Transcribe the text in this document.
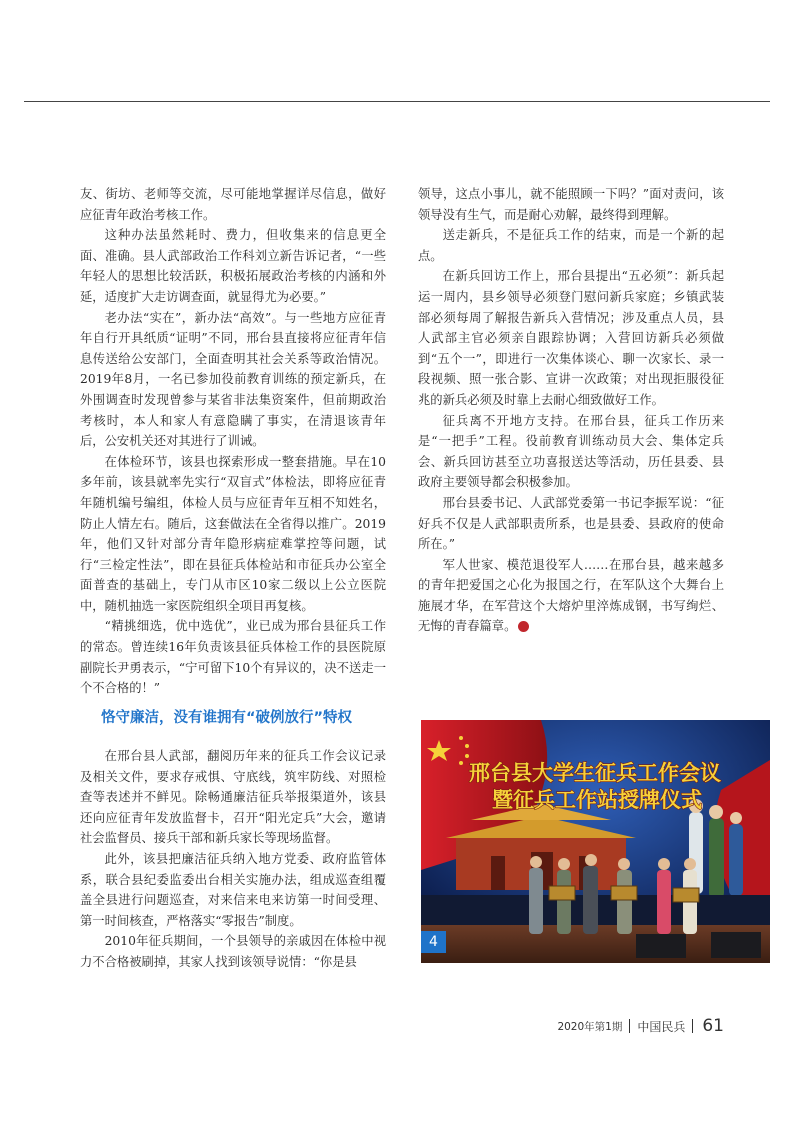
友、街坊、老师等交流，尽可能地掌握详尽信息，做好应征青年政治考核工作。

这种办法虽然耗时、费力，但收集来的信息更全面、准确。县人武部政治工作科刘立新告诉记者，“一些年轻人的思想比较活跃，积极拓展政治考核的内涵和外延，适度扩大走访调查面，就显得尤为必要。”

老办法“实在”，新办法“高效”。与一些地方应征青年自行开具纸质“证明”不同，邢台县直接将应征青年信息传送给公安部门，全面查明其社会关系等政治情况。2019年8月，一名已参加役前教育训练的预定新兵，在外围调查时发现曾参与某省非法集资案件，但前期政治考核时，本人和家人有意隐瞒了事实，在清退该青年后，公安机关还对其进行了训诫。

在体检环节，该县也探索形成一整套措施。早在10多年前，该县就率先实行“双盲式”体检法，即将应征青年随机编号编组，体检人员与应征青年互相不知姓名，防止人情左右。随后，这套做法在全省得以推广。2019年，他们又针对部分青年隐形病症难掌控等问题，试行“三检定性法”，即在县征兵体检站和市征兵办公室全面普查的基础上，专门从市区10家二级以上公立医院中，随机抽选一家医院组织全项目再复核。

“精挑细选，优中选优”，业已成为邢台县征兵工作的常态。曾连续16年负责该县征兵体检工作的县医院原副院长尹勇表示，“宁可留下10个有异议的，决不送走一个不合格的！”

恪守廉洁，没有谁拥有“破例放行”特权

在邢台县人武部，翻阅历年来的征兵工作会议记录及相关文件，要求存戒惧、守底线，筑牢防线、对照检查等表述并不鲜见。除畅通廉洁征兵举报渠道外，该县还向应征青年发放监督卡，召开“阳光定兵”大会，邀请社会监督员、接兵干部和新兵家长等现场监督。

此外，该县把廉洁征兵纳入地方党委、政府监管体系，联合县纪委监委出台相关实施办法，组成巡查组覆盖全县进行问题巡查，对来信来电来访第一时间受理、第一时间核查，严格落实“零报告”制度。

2010年征兵期间，一个县领导的亲戚因在体检中视力不合格被刷掉，其家人找到该领导说情：“你是县

领导，这点小事儿，就不能照顾一下吗？”面对责问，该领导没有生气，而是耐心劝解，最终得到理解。

送走新兵，不是征兵工作的结束，而是一个新的起点。

在新兵回访工作上，邢台县提出“五必须”：新兵起运一周内，县乡领导必须登门慰问新兵家庭；乡镇武装部必须每周了解报告新兵入营情况；涉及重点人员，县人武部主官必须亲自跟踪协调；入营回访新兵必须做到“五个一”，即进行一次集体谈心、聊一次家长、录一段视频、照一张合影、宣讲一次政策；对出现拒服役征兆的新兵必须及时靠上去耐心细致做好工作。

征兵离不开地方支持。在邢台县，征兵工作历来是“一把手”工程。役前教育训练动员大会、集体定兵会、新兵回访甚至立功喜报送达等活动，历任县委、县政府主要领导都会积极参加。

邢台县委书记、人武部党委第一书记李振军说：“征好兵不仅是人武部职责所系，也是县委、县政府的使命所在。”

军人世家、模范退役军人……在邢台县，越来越多的青年把爱国之心化为报国之行，在军队这个大舞台上施展才华，在军营这个大熔炉里淬炼成钢，书写绚烂、无悔的青春篇章。	J

邢台县大学生征兵工作会议
暨征兵工作站授牌仪式
4
2020年第1期 中国民兵 61
